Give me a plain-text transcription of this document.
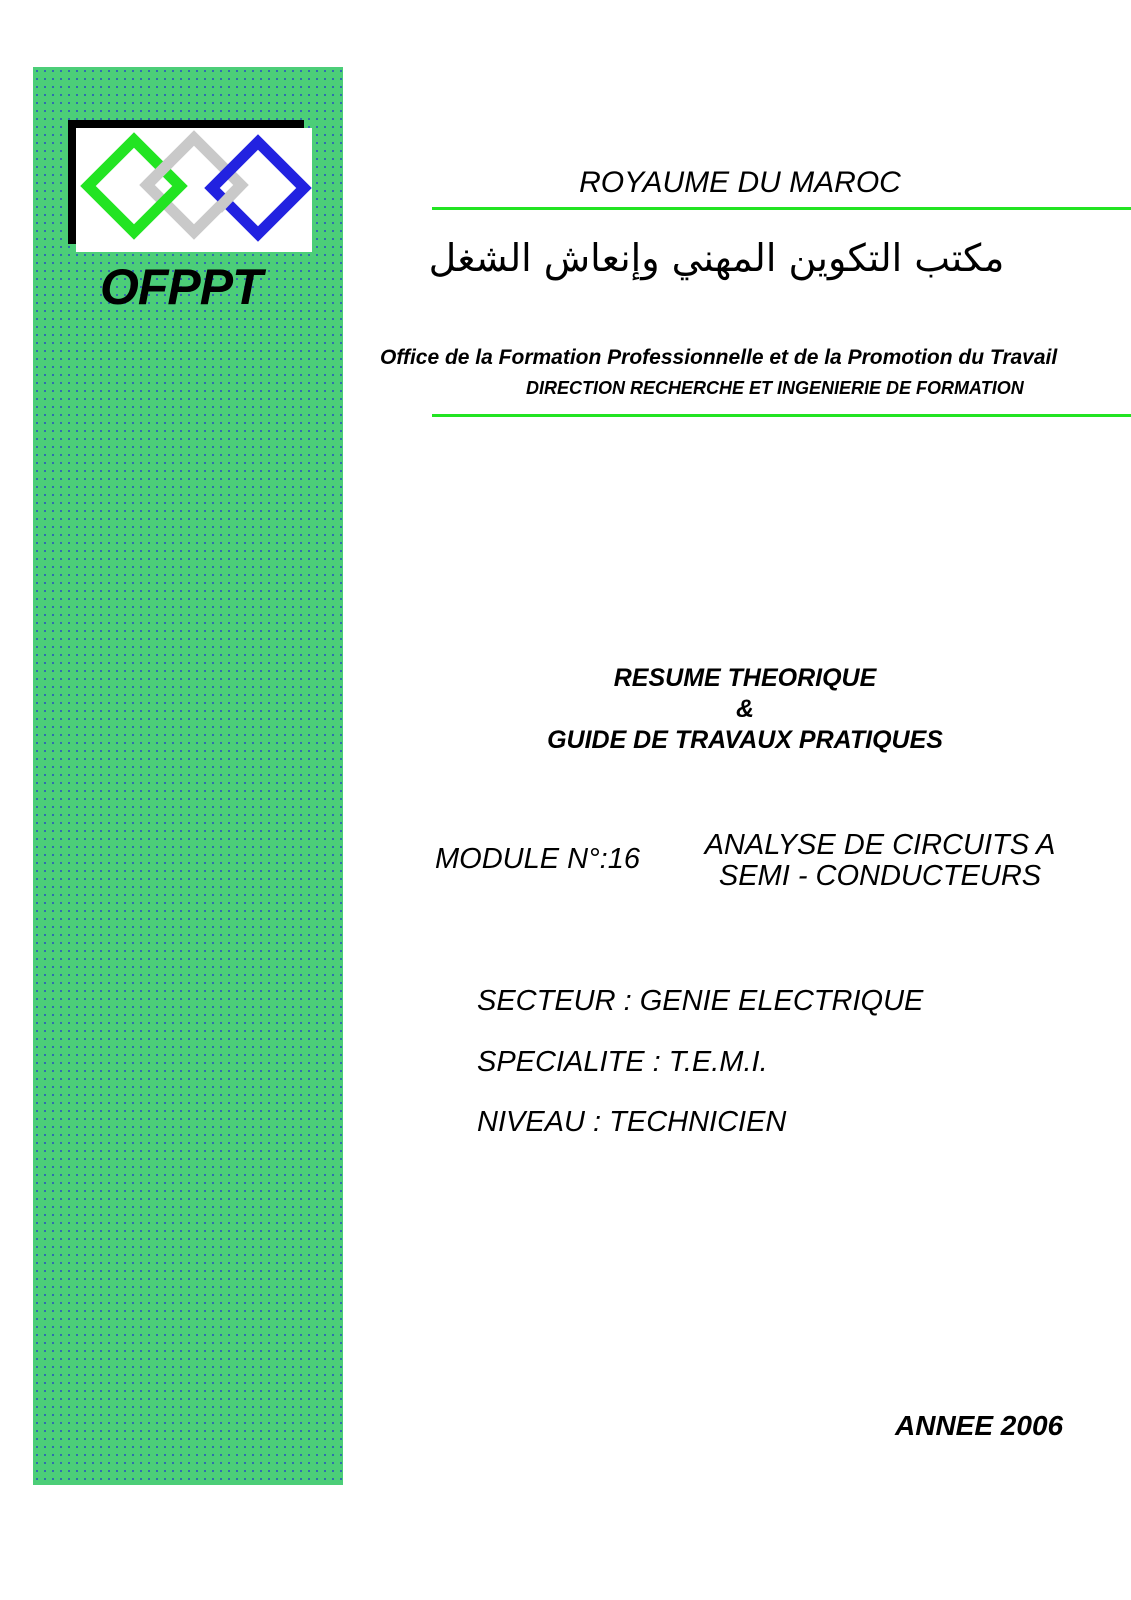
OFPPT
ROYAUME DU MAROC
مكتب التكوين المهني وإنعاش الشغل
Office de la Formation Professionnelle et de la Promotion du Travail
DIRECTION RECHERCHE ET INGENIERIE DE FORMATION
RESUME THEORIQUE
&
GUIDE DE TRAVAUX PRATIQUES
MODULE N°:16	ANALYSE DE CIRCUITS A
SEMI - CONDUCTEURS
SECTEUR : GENIE ELECTRIQUE
SPECIALITE : T.E.M.I.
NIVEAU : TECHNICIEN
ANNEE 2006
